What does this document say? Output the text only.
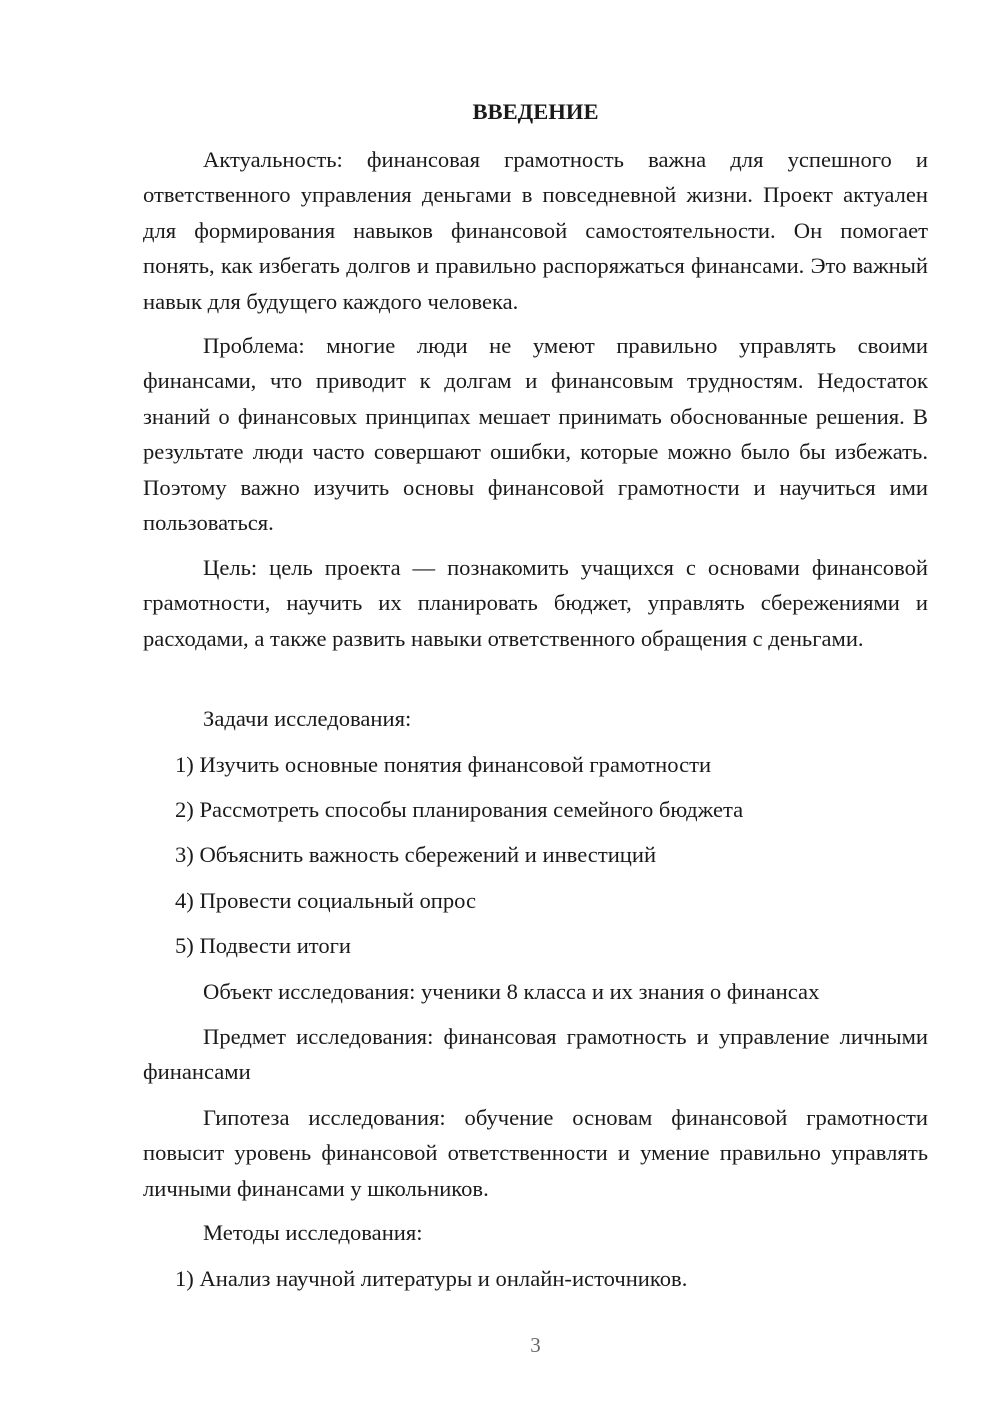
ВВЕДЕНИЕ

Актуальность: финансовая грамотность важна для успешного и ответственного управления деньгами в повседневной жизни. Проект актуален для формирования навыков финансовой самостоятельности. Он помогает понять, как избегать долгов и правильно распоряжаться финансами. Это важный навык для будущего каждого человека.

Проблема: многие люди не умеют правильно управлять своими финансами, что приводит к долгам и финансовым трудностям. Недостаток знаний о финансовых принципах мешает принимать обоснованные решения. В результате люди часто совершают ошибки, которые можно было бы избежать. Поэтому важно изучить основы финансовой грамотности и научиться ими пользоваться.

Цель: цель проекта — познакомить учащихся с основами финансовой грамотности, научить их планировать бюджет, управлять сбережениями и расходами, а также развить навыки ответственного обращения с деньгами.

Задачи исследования:

1) Изучить основные понятия финансовой грамотности

2) Рассмотреть способы планирования семейного бюджета

3) Объяснить важность сбережений и инвестиций

4) Провести социальный опрос

5) Подвести итоги

Объект исследования: ученики 8 класса и их знания о финансах

Предмет исследования: финансовая грамотность и управление личными финансами

Гипотеза исследования: обучение основам финансовой грамотности повысит уровень финансовой ответственности и умение правильно управлять личными финансами у школьников.

Методы исследования:

1) Анализ научной литературы и онлайн-источников.

3
